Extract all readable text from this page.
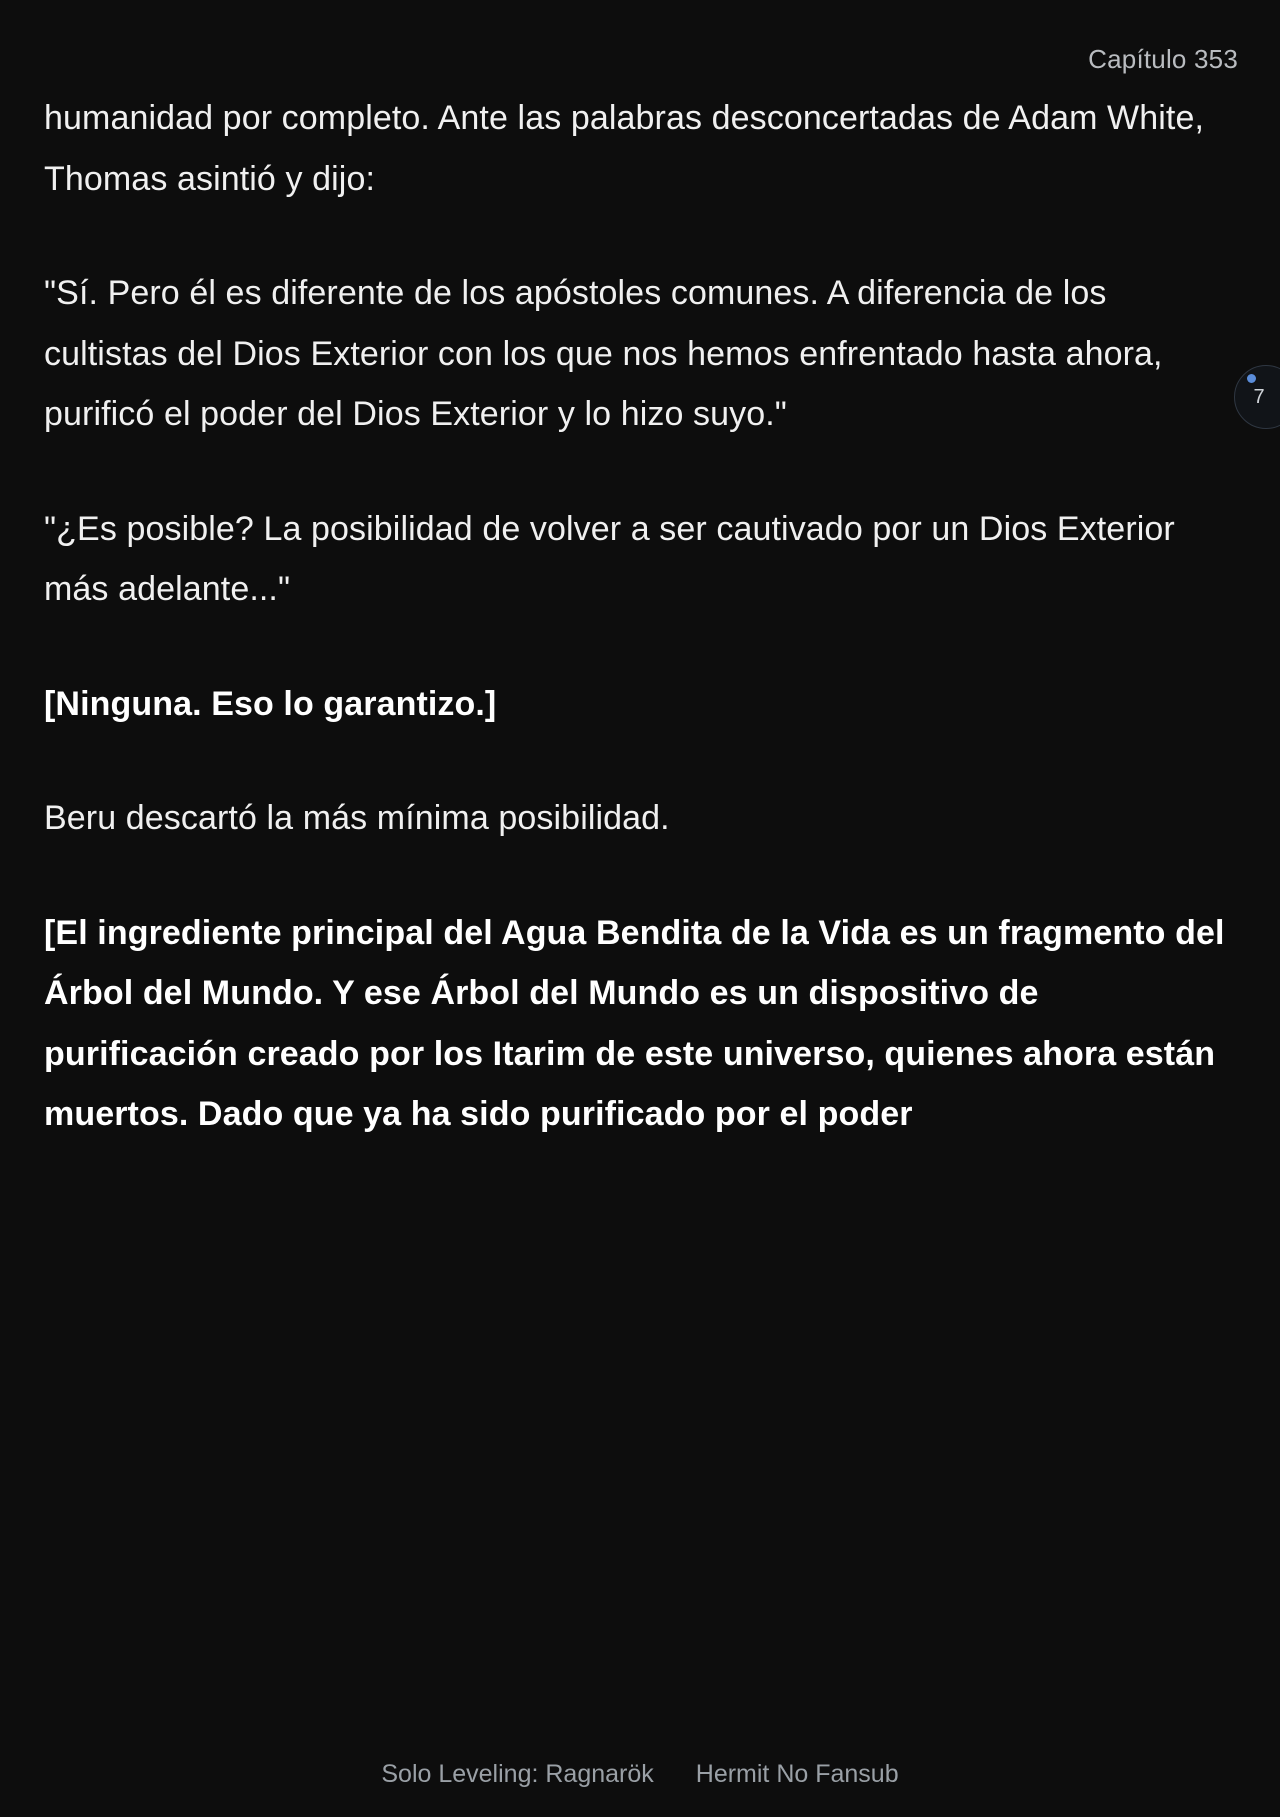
Capítulo 353

humanidad por completo. Ante las palabras desconcertadas de Adam White, Thomas asintió y dijo:

"Sí. Pero él es diferente de los apóstoles comunes. A diferencia de los cultistas del Dios Exterior con los que nos hemos enfrentado hasta ahora, purificó el poder del Dios Exterior y lo hizo suyo."

"¿Es posible? La posibilidad de volver a ser cautivado por un Dios Exterior más adelante..."

[Ninguna. Eso lo garantizo.]

Beru descartó la más mínima posibilidad.

[El ingrediente principal del Agua Bendita de la Vida es un fragmento del Árbol del Mundo. Y ese Árbol del Mundo es un dispositivo de purificación creado por los Itarim de este universo, quienes ahora están muertos. Dado que ya ha sido purificado por el poder

7
Solo Leveling: Ragnarök Hermit No Fansub
